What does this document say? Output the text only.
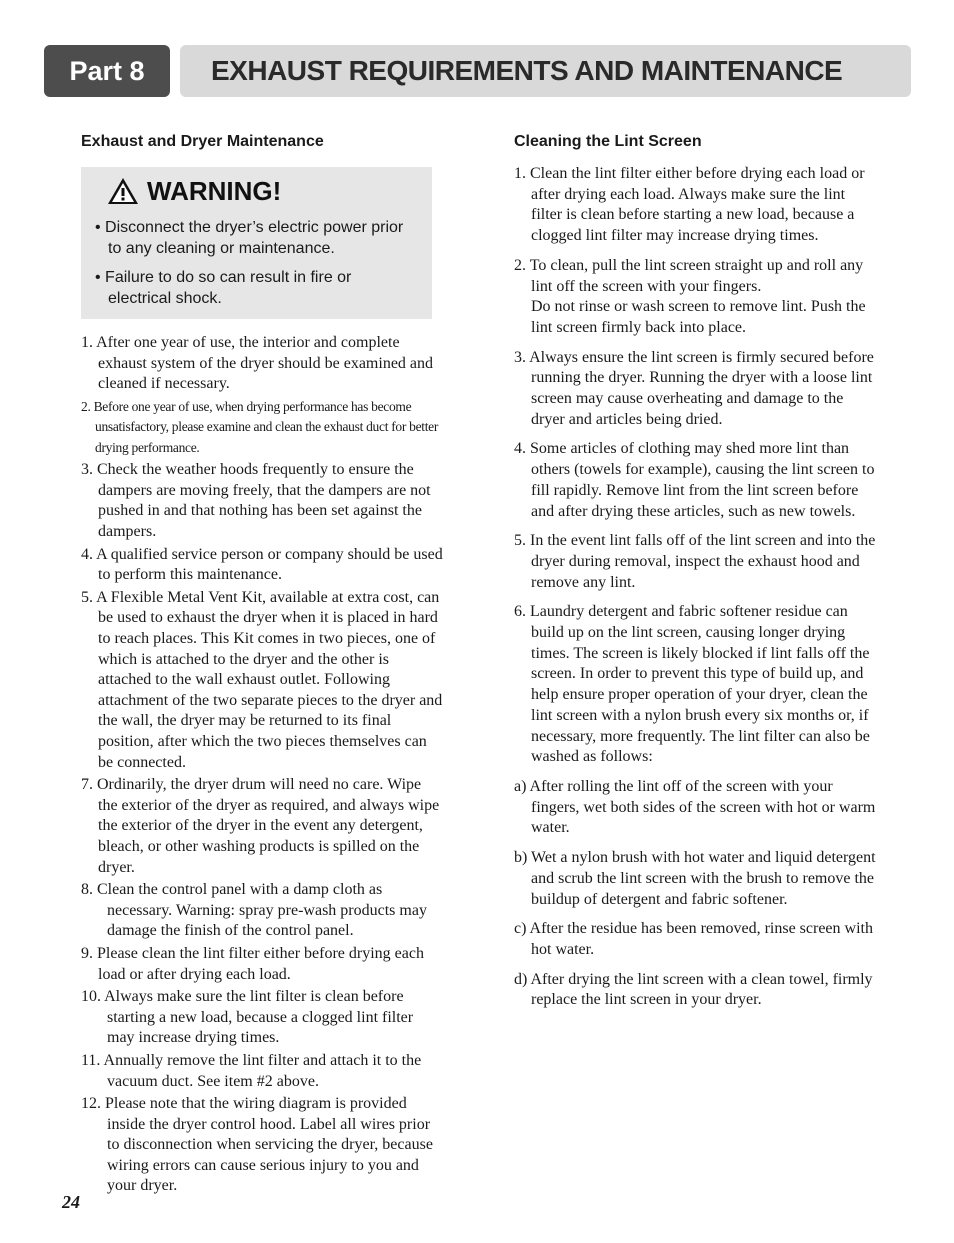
Part 8	EXHAUST REQUIREMENTS AND MAINTENANCE
Exhaust and Dryer Maintenance
WARNING!
• Disconnect the dryer’s electric power prior to any cleaning or maintenance.
• Failure to do so can result in fire or electrical shock.
1. After one year of use, the interior and complete exhaust system of the dryer should be examined and cleaned if necessary.
2. Before one year of use, when drying performance has become unsatisfactory, please examine and clean the exhaust duct for better drying performance.
3. Check the weather hoods frequently to ensure the dampers are moving freely, that the dampers are not pushed in and that nothing has been set against the dampers.
4. A qualified service person or company should be used to perform this maintenance.
5. A Flexible Metal Vent Kit, available at extra cost, can be used to exhaust the dryer when it is placed in hard to reach places. This Kit comes in two pieces, one of which is attached to the dryer and the other is attached to the wall exhaust outlet. Following attachment of the two separate pieces to the dryer and the wall, the dryer may be returned to its final position, after which the two pieces themselves can be connected.
7. Ordinarily, the dryer drum will need no care. Wipe the exterior of the dryer as required, and always wipe the exterior of the dryer in the event any detergent, bleach, or other washing products is spilled on the dryer.
8. Clean the control panel with a damp cloth as necessary. Warning: spray pre-wash products may damage the finish of the control panel.
9. Please clean the lint filter either before drying each load or after drying each load.
10. Always make sure the lint filter is clean before starting a new load, because a clogged lint filter may increase drying times.
11. Annually remove the lint filter and attach it to the vacuum duct. See item #2 above.
12. Please note that the wiring diagram is provided inside the dryer control hood. Label all wires prior to disconnection when servicing the dryer, because wiring errors can cause serious injury to you and your dryer.
Cleaning the Lint Screen
1. Clean the lint filter either before drying each load or after drying each load. Always make sure the lint filter is clean before starting a new load, because a clogged lint filter may increase drying times.
2. To clean, pull the lint screen straight up and roll any lint off the screen with your fingers.
Do not rinse or wash screen to remove lint. Push the lint screen firmly back into place.
3. Always ensure the lint screen is firmly secured before running the dryer. Running the dryer with a loose lint screen may cause overheating and damage to the dryer and articles being dried.
4. Some articles of clothing may shed more lint than others (towels for example), causing the lint screen to fill rapidly. Remove lint from the lint screen before and after drying these articles, such as new towels.
5. In the event lint falls off of the lint screen and into the dryer during removal, inspect the exhaust hood and remove any lint.
6. Laundry detergent and fabric softener residue can build up on the lint screen, causing longer drying times. The screen is likely blocked if lint falls off the screen. In order to prevent this type of build up, and help ensure proper operation of your dryer, clean the lint screen with a nylon brush every six months or, if necessary, more frequently. The lint filter can also be washed as follows:
a) After rolling the lint off of the screen with your fingers, wet both sides of the screen with hot or warm water.
b) Wet a nylon brush with hot water and liquid detergent and scrub the lint screen with the brush to remove the buildup of detergent and fabric softener.
c) After the residue has been removed, rinse screen with hot water.
d) After drying the lint screen with a clean towel, firmly replace the lint screen in your dryer.
24
